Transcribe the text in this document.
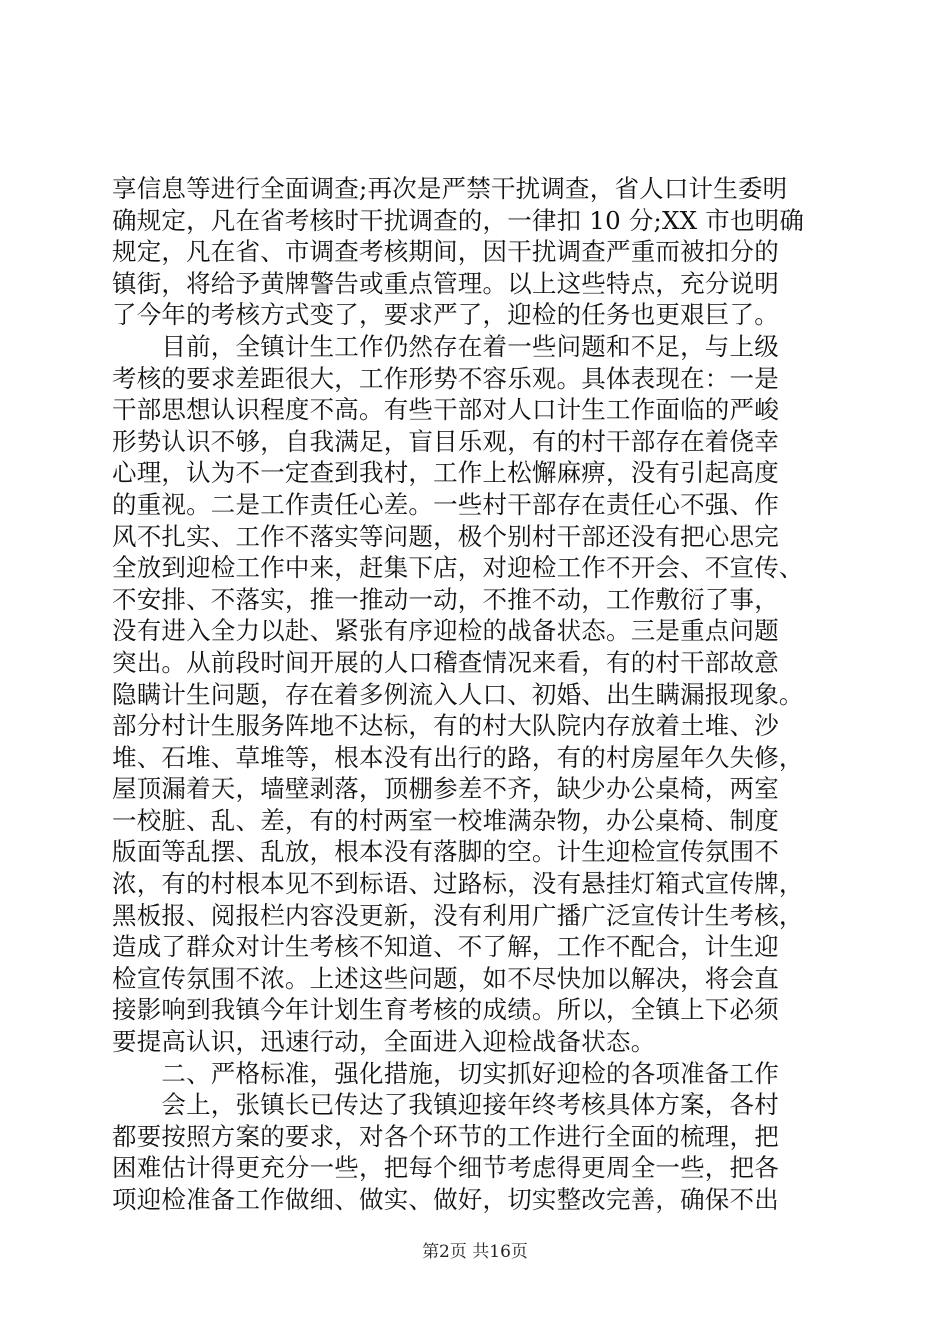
享信息等进行全面调查;再次是严禁干扰调查，省人口计生委明
确规定，凡在省考核时干扰调查的，一律扣 10 分;XX 市也明确
规定，凡在省、市调查考核期间，因干扰调查严重而被扣分的
镇街，将给予黄牌警告或重点管理。以上这些特点，充分说明
了今年的考核方式变了，要求严了，迎检的任务也更艰巨了。
　　目前，全镇计生工作仍然存在着一些问题和不足，与上级
考核的要求差距很大，工作形势不容乐观。具体表现在：一是
干部思想认识程度不高。有些干部对人口计生工作面临的严峻
形势认识不够，自我满足，盲目乐观，有的村干部存在着侥幸
心理，认为不一定查到我村，工作上松懈麻痹，没有引起高度
的重视。二是工作责任心差。一些村干部存在责任心不强、作
风不扎实、工作不落实等问题，极个别村干部还没有把心思完
全放到迎检工作中来，赶集下店，对迎检工作不开会、不宣传、
不安排、不落实，推一推动一动，不推不动，工作敷衍了事，
没有进入全力以赴、紧张有序迎检的战备状态。三是重点问题
突出。从前段时间开展的人口稽查情况来看，有的村干部故意
隐瞒计生问题，存在着多例流入人口、初婚、出生瞒漏报现象。
部分村计生服务阵地不达标，有的村大队院内存放着土堆、沙
堆、石堆、草堆等，根本没有出行的路，有的村房屋年久失修，
屋顶漏着天，墙壁剥落，顶棚参差不齐，缺少办公桌椅，两室
一校脏、乱、差，有的村两室一校堆满杂物，办公桌椅、制度
版面等乱摆、乱放，根本没有落脚的空。计生迎检宣传氛围不
浓，有的村根本见不到标语、过路标，没有悬挂灯箱式宣传牌，
黑板报、阅报栏内容没更新，没有利用广播广泛宣传计生考核，
造成了群众对计生考核不知道、不了解，工作不配合，计生迎
检宣传氛围不浓。上述这些问题，如不尽快加以解决，将会直
接影响到我镇今年计划生育考核的成绩。所以，全镇上下必须
要提高认识，迅速行动，全面进入迎检战备状态。
　　二、严格标准，强化措施，切实抓好迎检的各项准备工作
　　会上，张镇长已传达了我镇迎接年终考核具体方案，各村
都要按照方案的要求，对各个环节的工作进行全面的梳理，把
困难估计得更充分一些，把每个细节考虑得更周全一些，把各
项迎检准备工作做细、做实、做好，切实整改完善，确保不出
第2页 共16页
